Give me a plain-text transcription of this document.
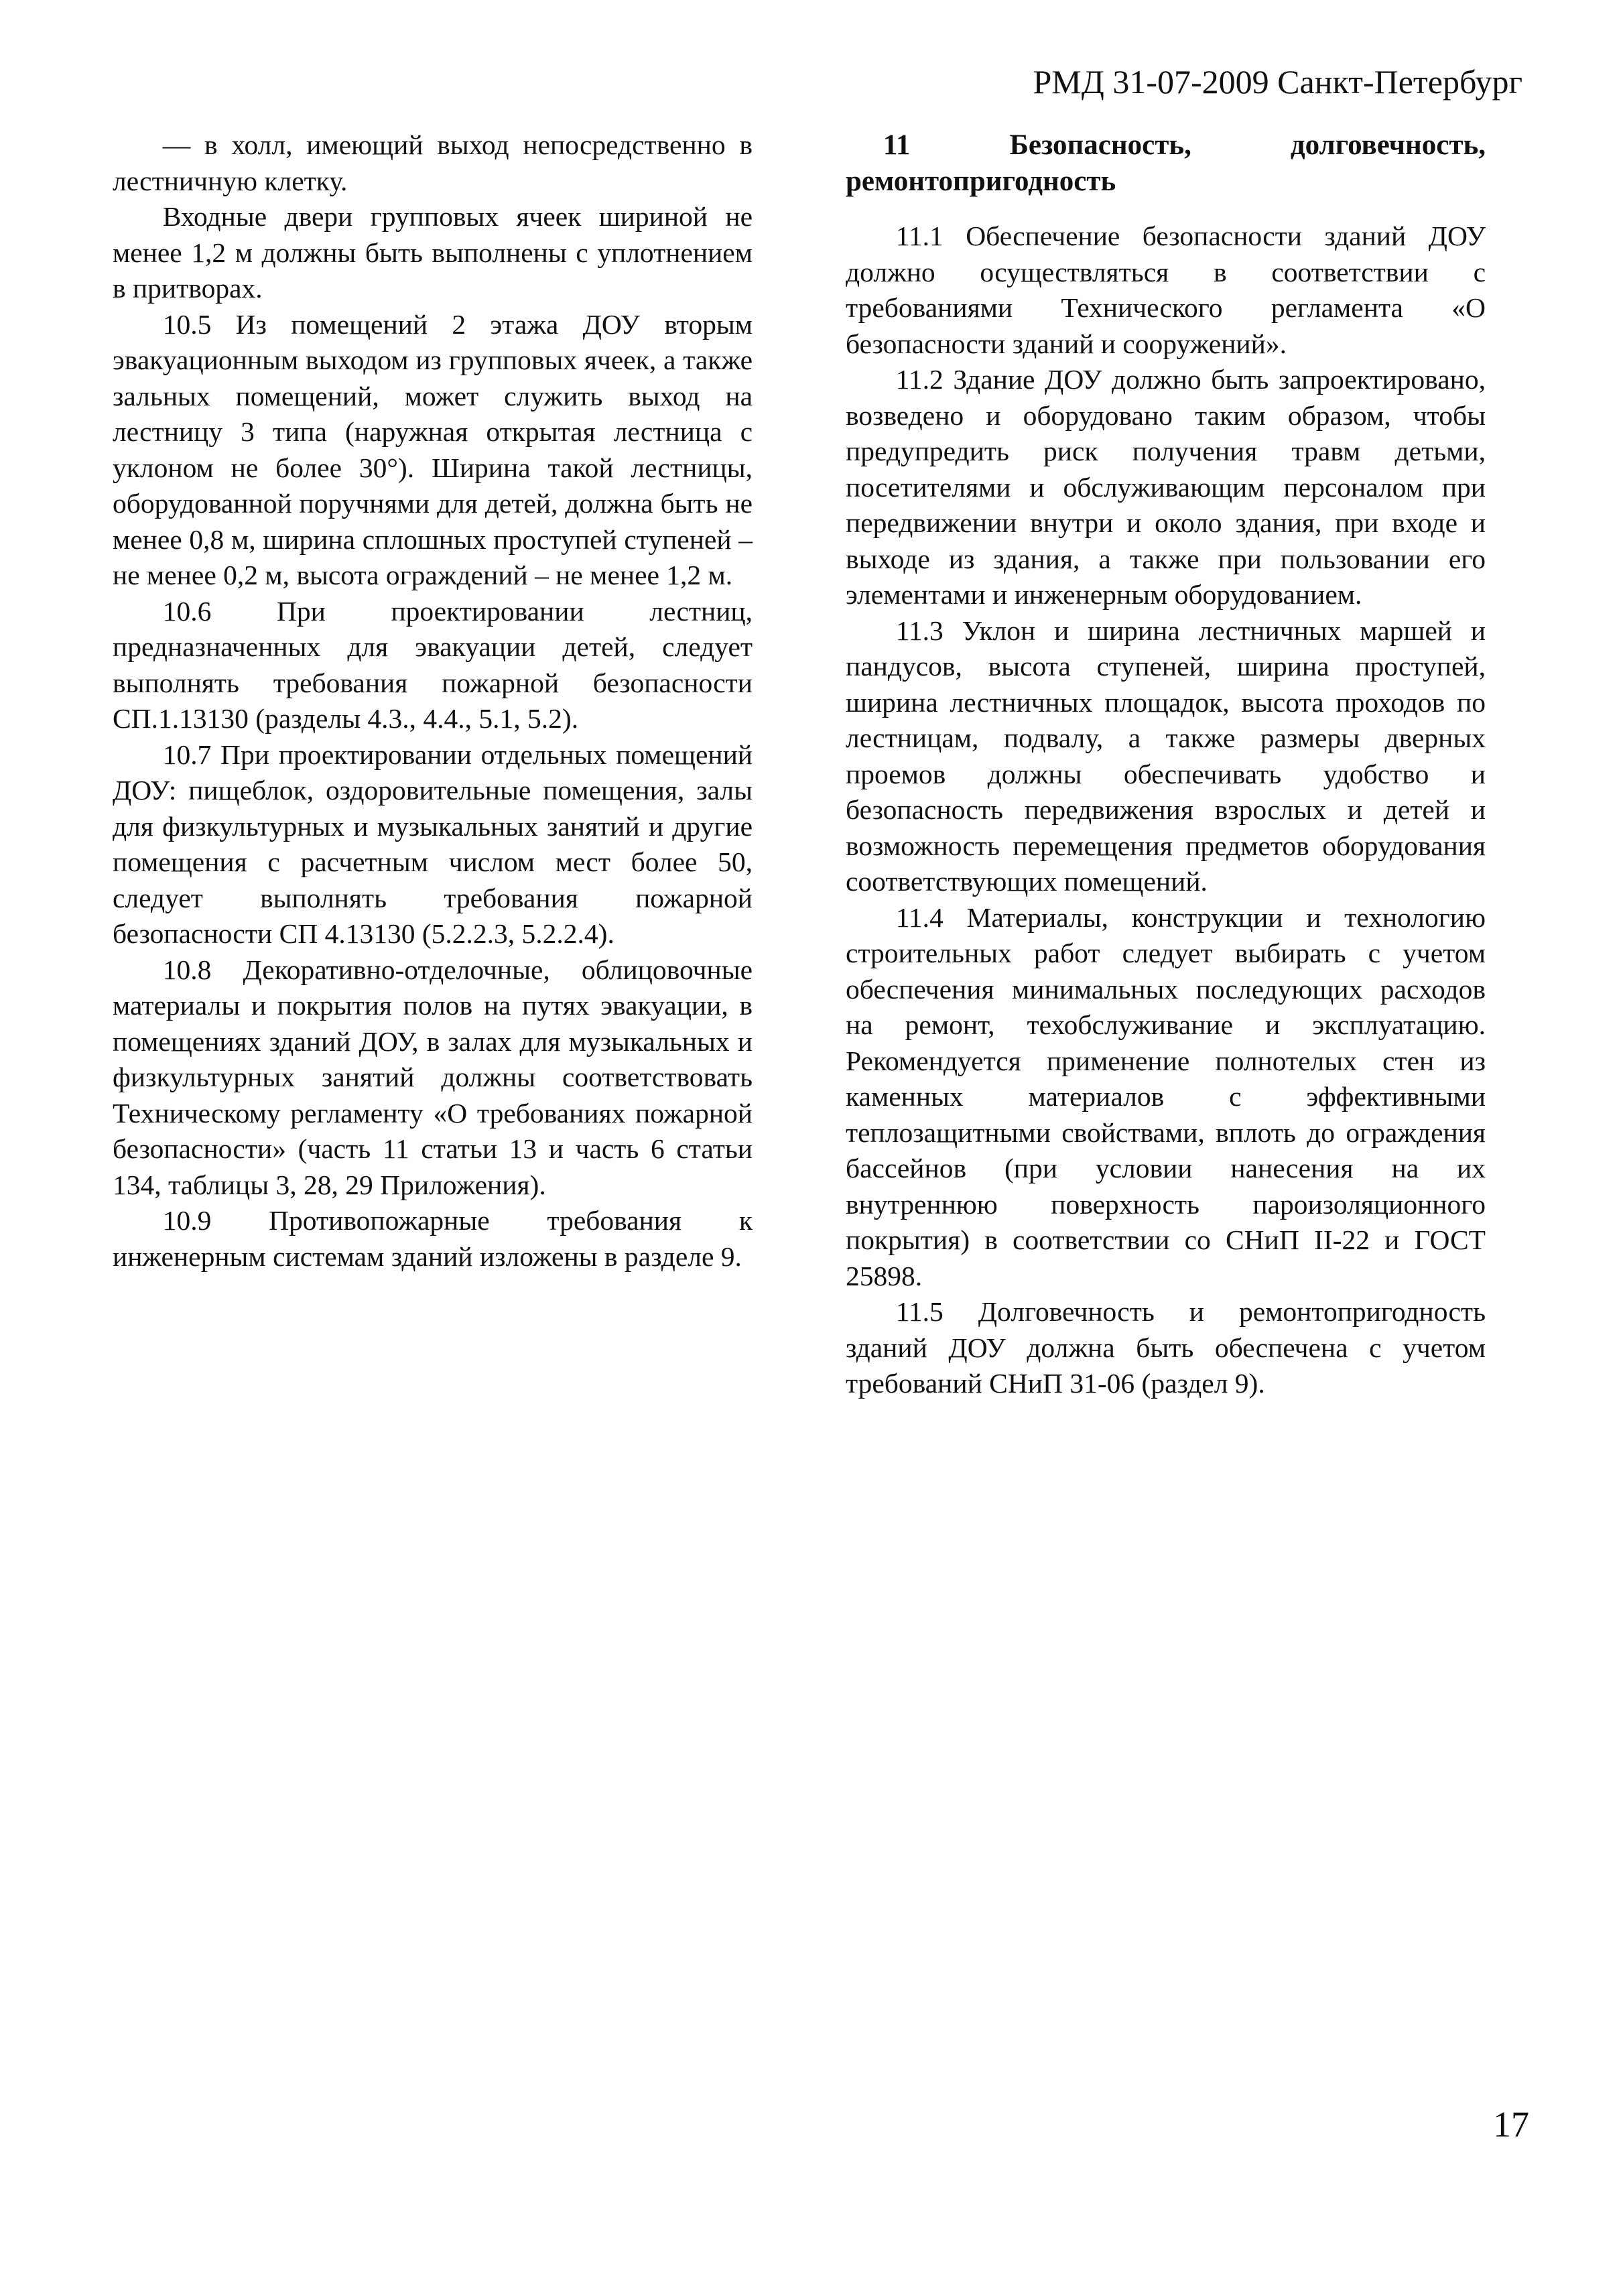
РМД 31-07-2009 Санкт-Петербург

— в холл, имеющий выход непосредственно в лестничную клетку.

Входные двери групповых ячеек шириной не менее 1,2 м должны быть выполнены с уплотнением в притворах.

10.5 Из помещений 2 этажа ДОУ вторым эвакуационным выходом из групповых ячеек, а также зальных помещений, может служить выход на лестницу 3 типа (наружная открытая лестница с уклоном не более 30°). Ширина такой лестницы, оборудованной поручнями для детей, должна быть не менее 0,8 м, ширина сплошных проступей ступеней – не менее 0,2 м, высота ограждений – не менее 1,2 м.

10.6 При проектировании лестниц, предназначенных для эвакуации детей, следует выполнять требования пожарной безопасности СП.1.13130 (разделы 4.3., 4.4., 5.1, 5.2).

10.7 При проектировании отдельных помещений ДОУ: пищеблок, оздоровительные помещения, залы для физкультурных и музыкальных занятий и другие помещения с расчетным числом мест более 50, следует выполнять требования пожарной безопасности СП 4.13130 (5.2.2.3, 5.2.2.4).

10.8 Декоративно-отделочные, облицовочные материалы и покрытия полов на путях эвакуации, в помещениях зданий ДОУ, в залах для музыкальных и физкультурных занятий должны соответствовать Техническому регламенту «О требованиях пожарной безопасности» (часть 11 статьи 13 и часть 6 статьи 134, таблицы 3, 28, 29 Приложения).

10.9 Противопожарные требования к инженерным системам зданий изложены в разделе 9.

11 Безопасность, долговечность, ремонтопригодность

11.1 Обеспечение безопасности зданий ДОУ должно осуществляться в соответствии с требованиями Технического регламента «О безопасности зданий и сооружений».

11.2 Здание ДОУ должно быть запроектировано, возведено и оборудовано таким образом, чтобы предупредить риск получения травм детьми, посетителями и обслуживающим персоналом при передвижении внутри и около здания, при входе и выходе из здания, а также при пользовании его элементами и инженерным оборудованием.

11.3 Уклон и ширина лестничных маршей и пандусов, высота ступеней, ширина проступей, ширина лестничных площадок, высота проходов по лестницам, подвалу, а также размеры дверных проемов должны обеспечивать удобство и безопасность передвижения взрослых и детей и возможность перемещения предметов оборудования соответствующих помещений.

11.4 Материалы, конструкции и технологию строительных работ следует выбирать с учетом обеспечения минимальных последующих расходов на ремонт, техобслуживание и эксплуатацию. Рекомендуется применение полнотелых стен из каменных материалов с эффективными теплозащитными свойствами, вплоть до ограждения бассейнов (при условии нанесения на их внутреннюю поверхность пароизоляционного покрытия) в соответствии со СНиП II-22 и ГОСТ 25898.

11.5 Долговечность и ремонтопригодность зданий ДОУ должна быть обеспечена с учетом требований СНиП 31-06 (раздел 9).

17
